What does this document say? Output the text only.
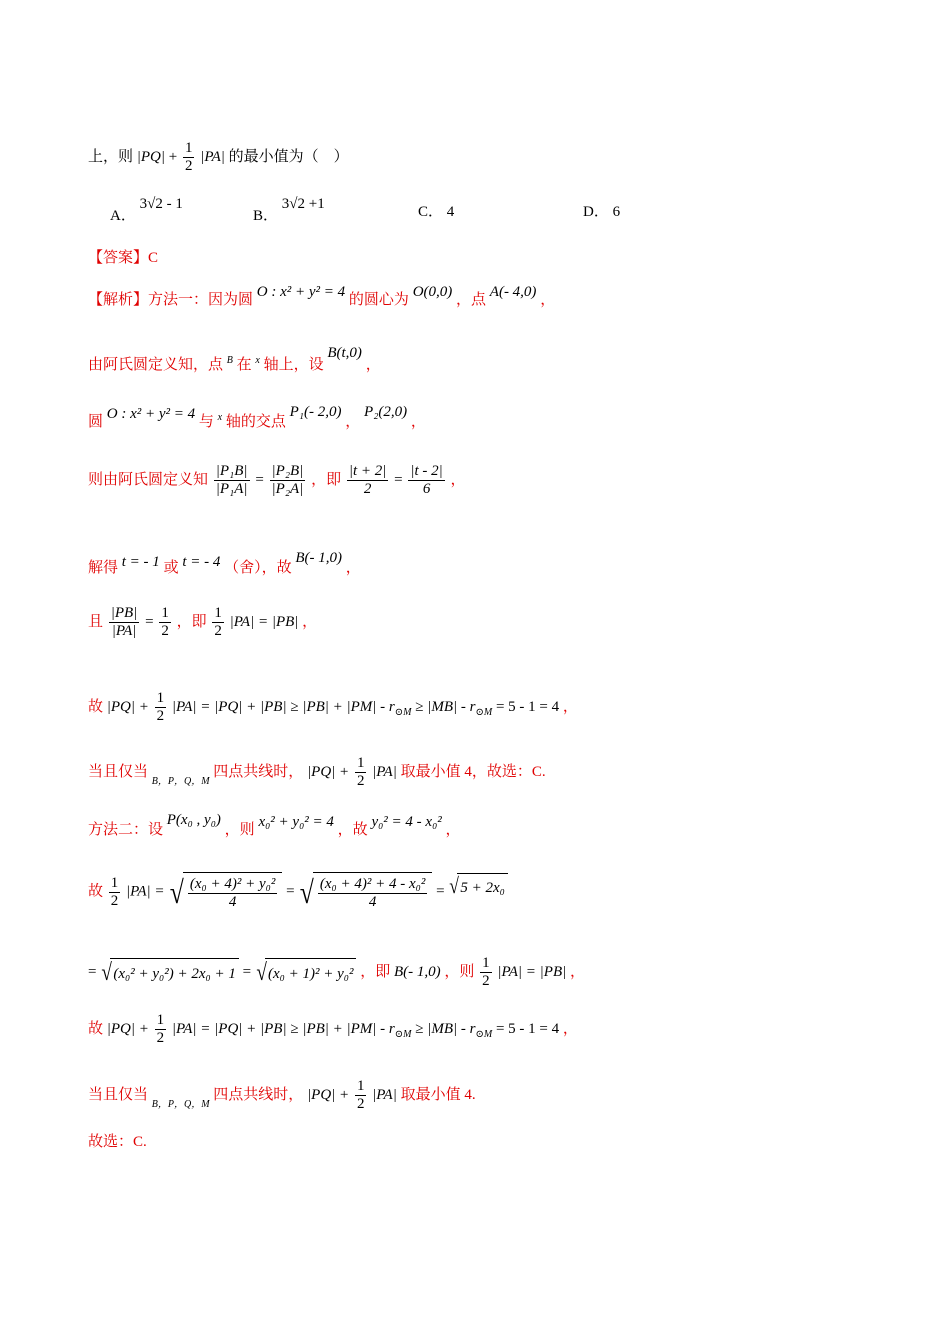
上，则 $|PQ| + \frac{1}{2} |PA|$ 的最小值为（　）
A． 3√2 - 1
B． 3√2 +1	C． 4	D． 6
【答案】C
【解析】方法一：因为圆 O : x² + y² = 4 的圆心为 O(0,0) ，点 A(- 4,0) ，
由阿氏圆定义知，点 $^B$ 在 $^x$ 轴上，设 B(t,0) ，
圆 O : x² + y² = 4 与 $^x$ 轴的交点 P₁(- 2,0) ， P₂(2,0) ，
则由阿氏圆定义知 $\frac{\text{|P₁B|}}{\text{|P₁A|}} = \frac{\text{|P₂B|}}{\text{|P₂A|}}$ ，即 $\frac{|t + 2|}{2} = \frac{|t - 2|}{6}$ ，
解得 t = - 1 或 t = - 4 （舍），故 B(- 1,0) ，
且 $\frac{|PB|}{|PA|} = \frac{1}{2}$ ，即 $\frac{1}{2} |PA| = |PB|$ ，
故 $|PQ| + \frac{1}{2} |PA| = |PQ| + |PB| \ge |PB| + |PM| - r_{⊙M} \ge |MB| - r_{⊙M} = 5 - 1 = 4$ ，
当且仅当 $_{B,P,Q,M}$ 四点共线时， $|PQ| + \frac{1}{2} |PA|$ 取最小值 4，故选：C.
方法二：设 P(x₀ , y₀) ，则 x₀² + y₀² = 4 ，故 y₀² = 4 - x₀² ，
故 $\frac{1}{2} |PA|$ = √ $\frac{\text{(x₀ + 4)² + y₀²}}{4}$ = √ $\frac{\text{(x₀ + 4)² + 4 - x₀²}}{4}$ = √ 5 + 2x₀
= √ (x₀² + y₀²) + 2x₀ + 1 = √ (x₀ + 1)² + y₀² ，即 B(- 1,0) ，则 $\frac{1}{2} |PA| = |PB|$ ，
故 $|PQ| + \frac{1}{2} |PA| = |PQ| + |PB| \ge |PB| + |PM| - r_{⊙M} \ge |MB| - r_{⊙M} = 5 - 1 = 4$ ，
当且仅当 $_{B,P,Q,M}$ 四点共线时， $|PQ| + \frac{1}{2} |PA|$ 取最小值 4.
故选：C.
